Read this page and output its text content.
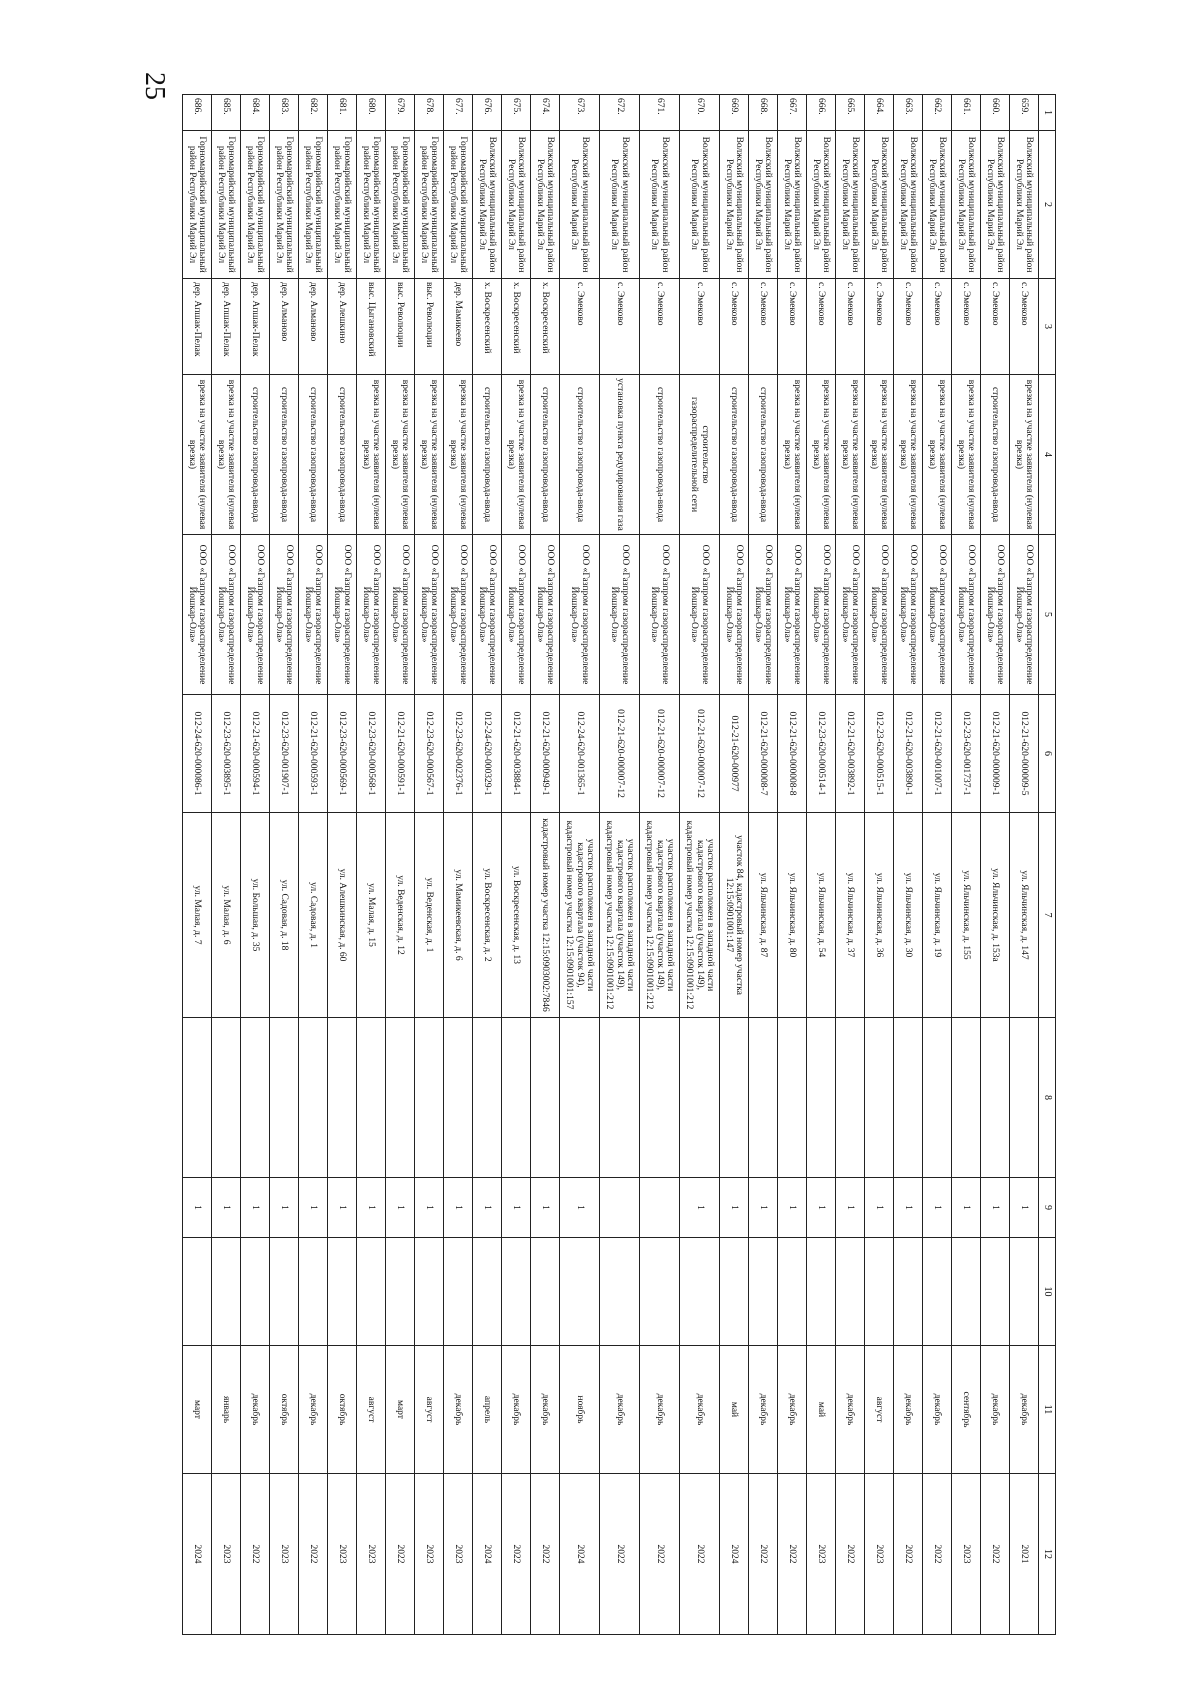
25
1	2	3	4	5	6	7	8	9	10	11	12
659.	Волжский муниципальный район Республики Марий Эл	с. Эмеково	врезка на участке заявителя (нулевая врезка)	ООО «Газпром газораспределение Йошкар-Ола»	012-21-620-000009-5	ул. Яльчинская, д. 147		1		декабрь	2021
660.	Волжский муниципальный район Республики Марий Эл	с. Эмеково	строительство газопровода-ввода	ООО «Газпром газораспределение Йошкар-Ола»	012-21-620-000009-1	ул. Яльчинская, д. 153а		1		декабрь	2022
661.	Волжский муниципальный район Республики Марий Эл	с. Эмеково	врезка на участке заявителя (нулевая врезка)	ООО «Газпром газораспределение Йошкар-Ола»	012-23-620-001737-1	ул. Яльчинская, д. 155		1		сентябрь	2023
662.	Волжский муниципальный район Республики Марий Эл	с. Эмеково	врезка на участке заявителя (нулевая врезка)	ООО «Газпром газораспределение Йошкар-Ола»	012-21-620-001007-1	ул. Яльчинская, д. 19		1		декабрь	2022
663.	Волжский муниципальный район Республики Марий Эл	с. Эмеково	врезка на участке заявителя (нулевая врезка)	ООО «Газпром газораспределение Йошкар-Ола»	012-21-620-003890-1	ул. Яльчинская, д. 30		1		декабрь	2022
664.	Волжский муниципальный район Республики Марий Эл	с. Эмеково	врезка на участке заявителя (нулевая врезка)	ООО «Газпром газораспределение Йошкар-Ола»	012-23-620-000515-1	ул. Яльчинская, д. 36		1		август	2023
665.	Волжский муниципальный район Республики Марий Эл	с. Эмеково	врезка на участке заявителя (нулевая врезка)	ООО «Газпром газораспределение Йошкар-Ола»	012-21-620-003892-1	ул. Яльчинская, д. 37		1		декабрь	2022
666.	Волжский муниципальный район Республики Марий Эл	с. Эмеково	врезка на участке заявителя (нулевая врезка)	ООО «Газпром газораспределение Йошкар-Ола»	012-23-620-000514-1	ул. Яльчинская, д. 54		1		май	2023
667.	Волжский муниципальный район Республики Марий Эл	с. Эмеково	врезка на участке заявителя (нулевая врезка)	ООО «Газпром газораспределение Йошкар-Ола»	012-21-620-000008-8	ул. Яльчинская, д. 80		1		декабрь	2022
668.	Волжский муниципальный район Республики Марий Эл	с. Эмеково	строительство газопровода-ввода	ООО «Газпром газораспределение Йошкар-Ола»	012-21-620-000008-7	ул. Яльчинская, д. 87		1		декабрь	2022
669.	Волжский муниципальный район Республики Марий Эл	с. Эмеково	строительство газопровода-ввода	ООО «Газпром газораспределение Йошкар-Ола»	012-21-620-000977	участок 84, кадастровый номер участка 12:15:0901001:147		1		май	2024
670.	Волжский муниципальный район Республики Марий Эл	с. Эмеково	строительство газораспределительной сети	ООО «Газпром газораспределение Йошкар-Ола»	012-21-620-000007-12	участок расположен в западной части кадастрового квартала (участок 149), кадастровый номер участка 12:15:0901001:212		1		декабрь	2022
671.	Волжский муниципальный район Республики Марий Эл	с. Эмеково	строительство газопровода-ввода	ООО «Газпром газораспределение Йошкар-Ола»	012-21-620-000007-12	участок расположен в западной части кадастрового квартала (участок 149), кадастровый номер участка 12:15:0901001:212				декабрь	2022
672.	Волжский муниципальный район Республики Марий Эл	с. Эмеково	установка пункта редуцирования газа	ООО «Газпром газораспределение Йошкар-Ола»	012-21-620-000007-12	участок расположен в западной части кадастрового квартала (участок 149), кадастровый номер участка 12:15:0901001:212				декабрь	2022
673.	Волжский муниципальный район Республики Марий Эл	с. Эмеково	строительство газопровода-ввода	ООО «Газпром газораспределение Йошкар-Ола»	012-24-620-001365-1	участок расположен в западной части кадастрового квартала (участок 94), кадастровый номер участка 12:15:0901001:157		1		ноябрь	2024
674.	Волжский муниципальный район Республики Марий Эл	х. Воскресенский	строительство газопровода-ввода	ООО «Газпром газораспределение Йошкар-Ола»	012-21-620-000949-1	кадастровый номер участка 12:15:0903002:7846		1		декабрь	2022
675.	Волжский муниципальный район Республики Марий Эл	х. Воскресенский	врезка на участке заявителя (нулевая врезка)	ООО «Газпром газораспределение Йошкар-Ола»	012-21-620-003884-1	ул. Воскресенская, д. 13		1		декабрь	2022
676.	Волжский муниципальный район Республики Марий Эл	х. Воскресенский	строительство газопровода-ввода	ООО «Газпром газораспределение Йошкар-Ола»	012-24-620-000329-1	ул. Воскресенская, д. 2		1		апрель	2024
677.	Горномарийский муниципальный район Республики Марий Эл	дер. Мамикеево	врезка на участке заявителя (нулевая врезка)	ООО «Газпром газораспределение Йошкар-Ола»	012-23-620-002376-1	ул. Мамикеевская, д. 6		1		декабрь	2023
678.	Горномарийский муниципальный район Республики Марий Эл	выс. Революции	врезка на участке заявителя (нулевая врезка)	ООО «Газпром газораспределение Йошкар-Ола»	012-23-620-000567-1	ул. Веденская, д. 1		1		август	2023
679.	Горномарийский муниципальный район Республики Марий Эл	выс. Революции	врезка на участке заявителя (нулевая врезка)	ООО «Газпром газораспределение Йошкар-Ола»	012-21-620-000591-1	ул. Веденская, д. 12		1		март	2022
680.	Горномарийский муниципальный район Республики Марий Эл	выс. Цыгановский	врезка на участке заявителя (нулевая врезка)	ООО «Газпром газораспределение Йошкар-Ола»	012-23-620-000568-1	ул. Малая, д. 15		1		август	2023
681.	Горномарийский муниципальный район Республики Марий Эл	дер. Алешкино	строительство газопровода-ввода	ООО «Газпром газораспределение Йошкар-Ола»	012-23-620-000569-1	ул. Алешкинская, д. 60		1		октябрь	2023
682.	Горномарийский муниципальный район Республики Марий Эл	дер. Алманово	строительство газопровода-ввода	ООО «Газпром газораспределение Йошкар-Ола»	012-21-620-000593-1	ул. Садовая, д. 1		1		декабрь	2022
683.	Горномарийский муниципальный район Республики Марий Эл	дер. Алманово	строительство газопровода-ввода	ООО «Газпром газораспределение Йошкар-Ола»	012-23-620-001907-1	ул. Садовая, д. 18		1		октябрь	2023
684.	Горномарийский муниципальный район Республики Марий Эл	дер. Апшак-Пелак	строительство газопровода-ввода	ООО «Газпром газораспределение Йошкар-Ола»	012-21-620-000594-1	ул. Большая, д. 35		1		декабрь	2022
685.	Горномарийский муниципальный район Республики Марий Эл	дер. Апшак-Пелак	врезка на участке заявителя (нулевая врезка)	ООО «Газпром газораспределение Йошкар-Ола»	012-23-620-003895-1	ул. Малая, д. 6		1		январь	2023
686.	Горномарийский муниципальный район Республики Марий Эл	дер. Апшак-Пелак	врезка на участке заявителя (нулевая врезка)	ООО «Газпром газораспределение Йошкар-Ола»	012-24-620-000086-1	ул. Малая, д. 7		1		март	2024
